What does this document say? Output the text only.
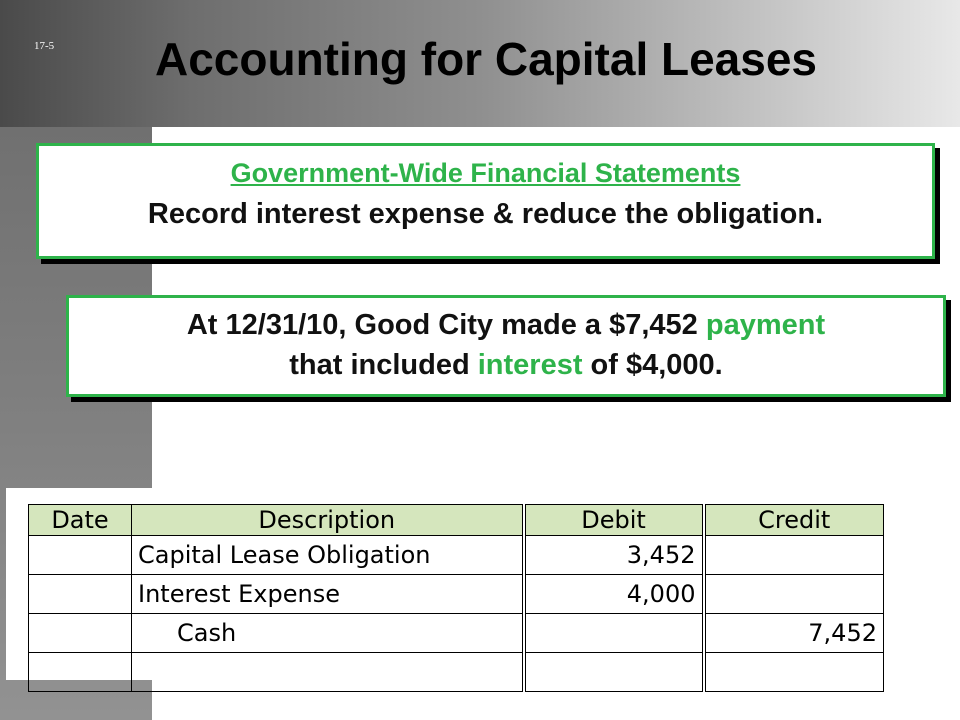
17-5 Accounting for Capital Leases
Government-Wide Financial Statements
Record interest expense & reduce the obligation.
At 12/31/10, Good City made a $7,452 payment
that included interest of $4,000.
Date	Description	Debit	Credit
	Capital Lease Obligation	3,452	
	Interest Expense	4,000	
	Cash		7,452
